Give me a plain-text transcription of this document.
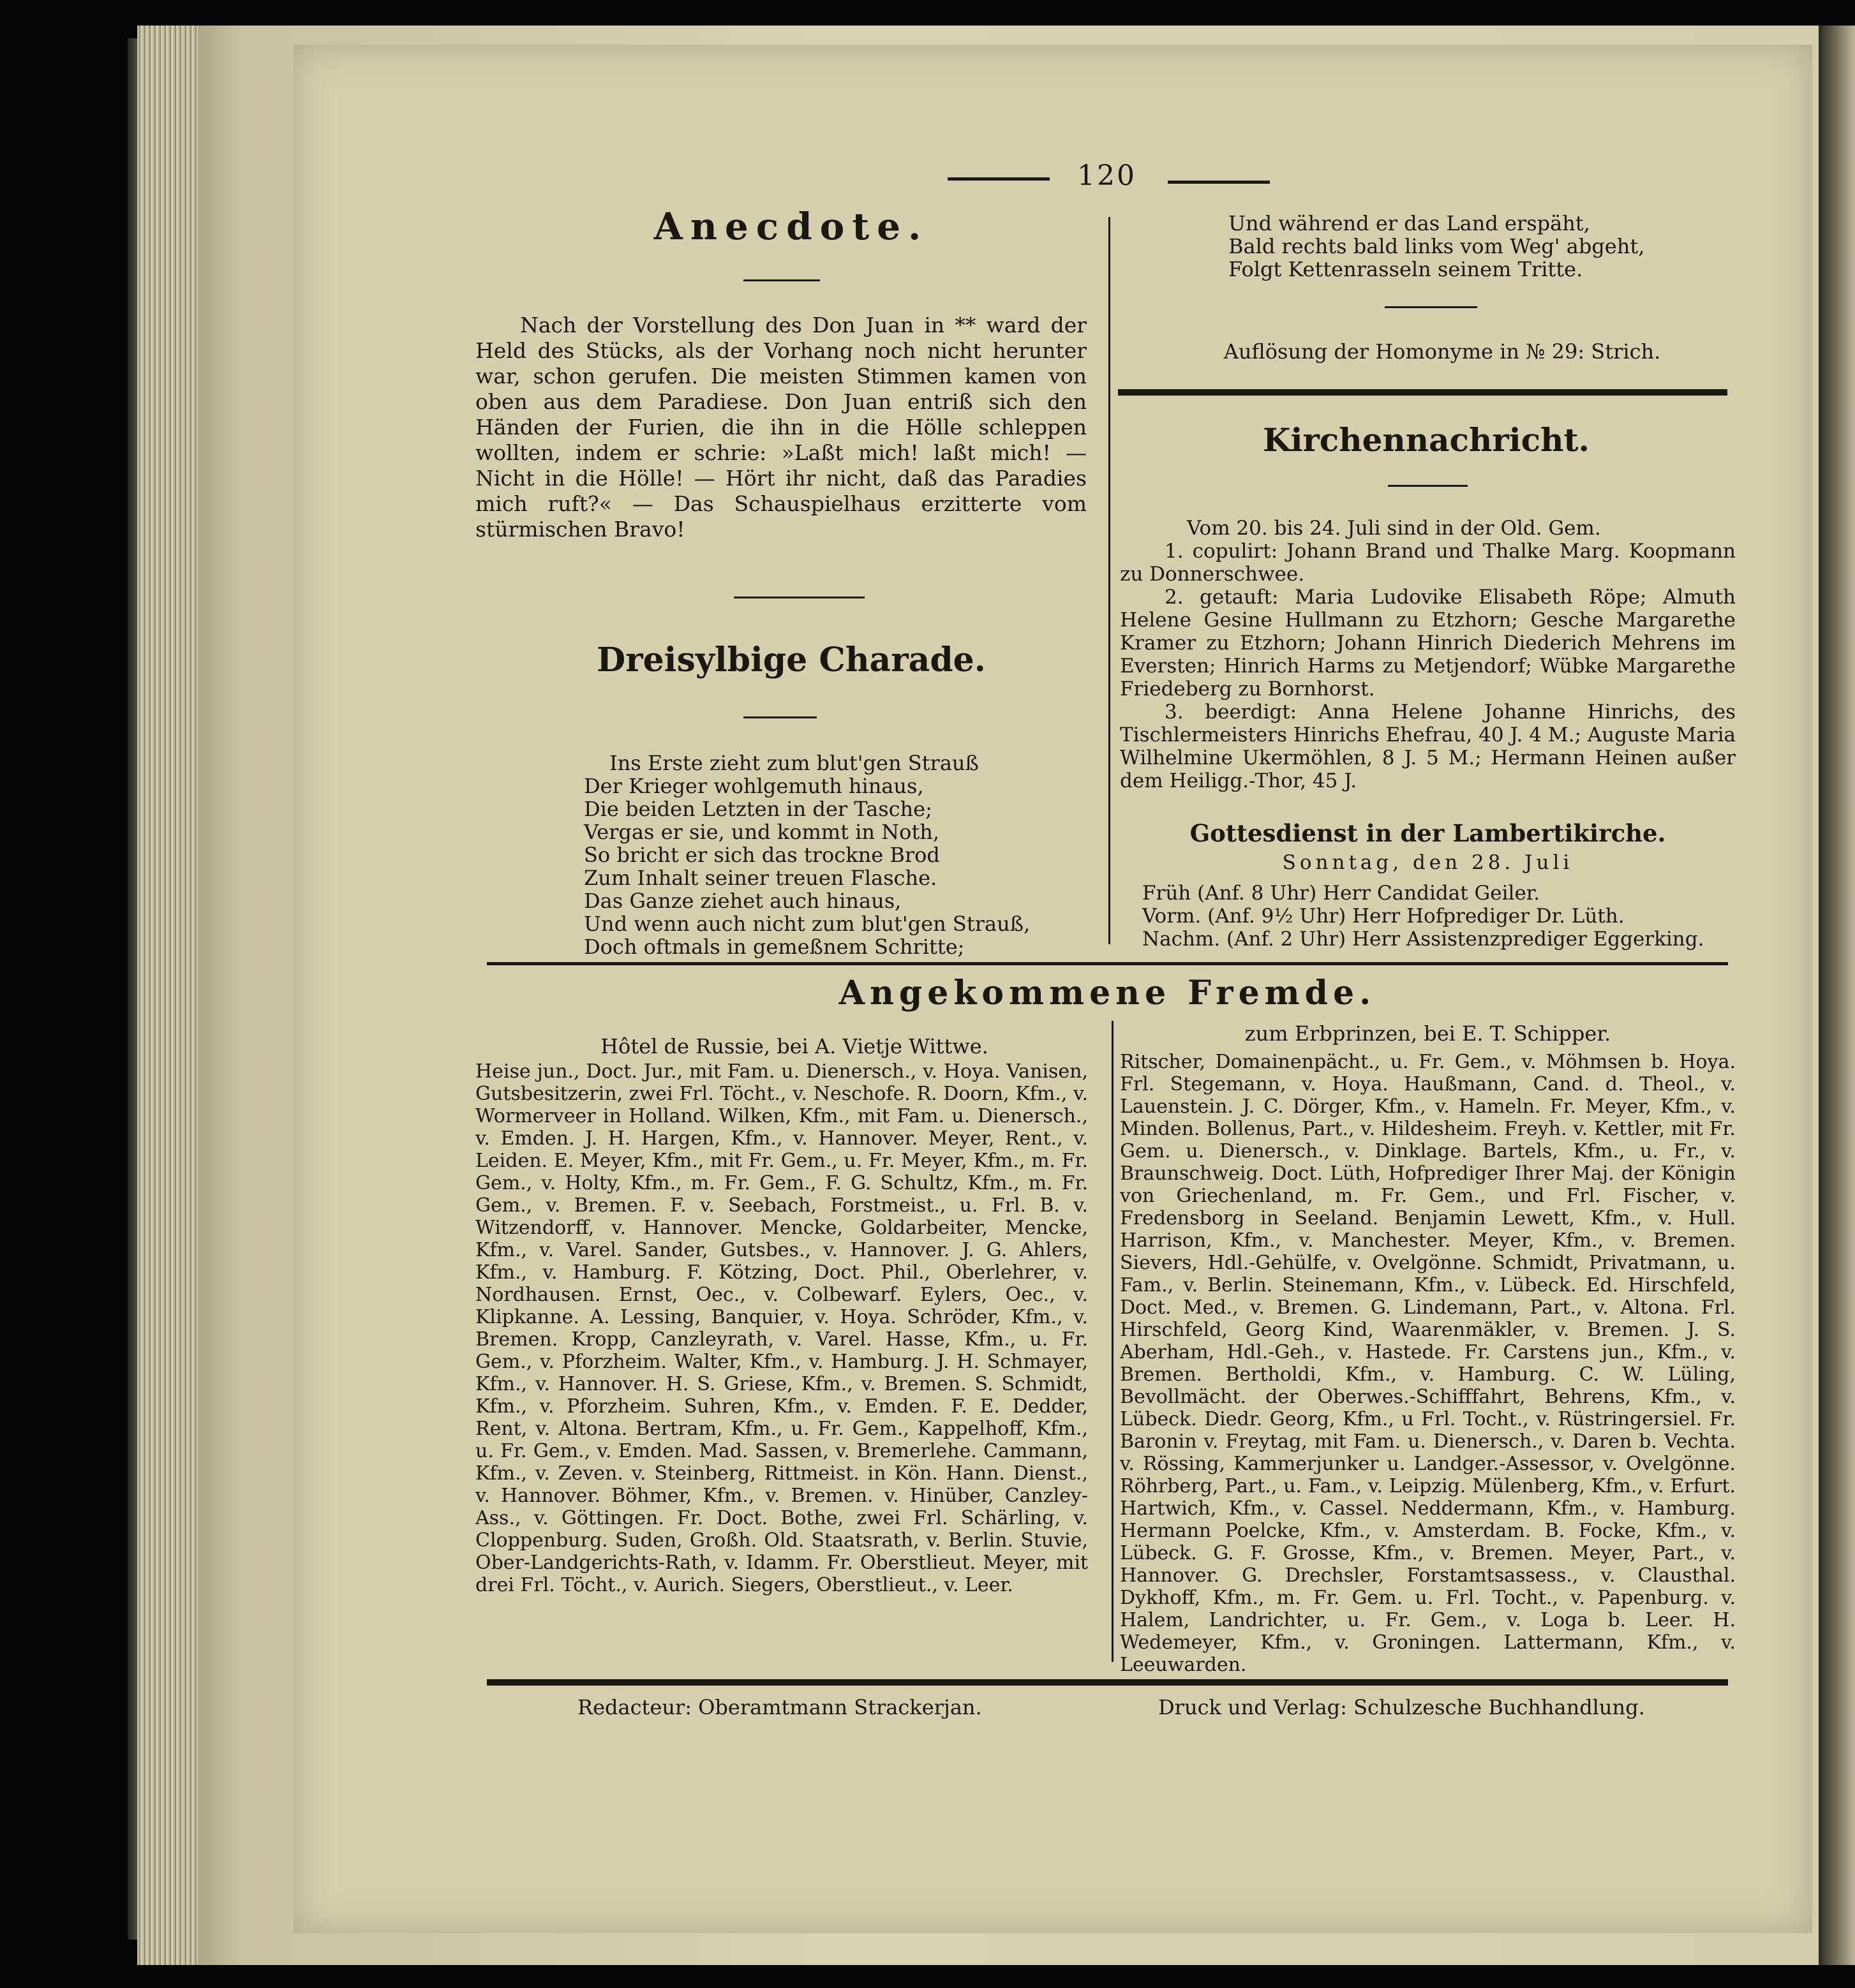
120
Anecdote.

Nach der Vorstellung des Don Juan in ** ward der Held des Stücks, als der Vorhang noch nicht herunter war, schon gerufen. Die meisten Stimmen kamen von oben aus dem Paradiese. Don Juan entriß sich den Händen der Furien, die ihn in die Hölle schleppen wollten, indem er schrie: »Laßt mich! laßt mich! — Nicht in die Hölle! — Hört ihr nicht, daß das Paradies mich ruft?« — Das Schauspielhaus erzitterte vom stürmischen Bravo!

Dreisylbige Charade.
Ins Erste zieht zum blut'gen Strauß
Der Krieger wohlgemuth hinaus,
Die beiden Letzten in der Tasche;
Vergas er sie, und kommt in Noth,
So bricht er sich das trockne Brod
Zum Inhalt seiner treuen Flasche.
Das Ganze ziehet auch hinaus,
Und wenn auch nicht zum blut'gen Strauß,
Doch oftmals in gemeßnem Schritte;
Und während er das Land erspäht,
Bald rechts bald links vom Weg' abgeht,
Folgt Kettenrasseln seinem Tritte.
Auflösung der Homonyme in № 29: Strich.
Kirchennachricht.

Vom 20. bis 24. Juli sind in der Old. Gem.

1. copulirt: Johann Brand und Thalke Marg. Koopmann zu Donnerschwee.

2. getauft: Maria Ludovike Elisabeth Röpe; Almuth Helene Gesine Hullmann zu Etzhorn; Gesche Margarethe Kramer zu Etzhorn; Johann Hinrich Diederich Mehrens im Eversten; Hinrich Harms zu Metjendorf; Wübke Margarethe Friedeberg zu Bornhorst.

3. beerdigt: Anna Helene Johanne Hinrichs, des Tischlermeisters Hinrichs Ehefrau, 40 J. 4 M.; Auguste Maria Wilhelmine Ukermöhlen, 8 J. 5 M.; Hermann Heinen außer dem Heiligg.-Thor, 45 J.

Gottesdienst in der Lambertikirche.
Sonntag, den 28. Juli
Früh (Anf. 8 Uhr) Herr Candidat Geiler.
Vorm. (Anf. 9½ Uhr) Herr Hofprediger Dr. Lüth.
Nachm. (Anf. 2 Uhr) Herr Assistenzprediger Eggerking.
Angekommene Fremde.
Hôtel de Russie, bei A. Vietje Wittwe.

Heise jun., Doct. Jur., mit Fam. u. Dienersch., v. Hoya. Vanisen, Gutsbesitzerin, zwei Frl. Töcht., v. Neschofe. R. Doorn, Kfm., v. Wormerveer in Holland. Wilken, Kfm., mit Fam. u. Dienersch., v. Emden. J. H. Hargen, Kfm., v. Hannover. Meyer, Rent., v. Leiden. E. Meyer, Kfm., mit Fr. Gem., u. Fr. Meyer, Kfm., m. Fr. Gem., v. Holty, Kfm., m. Fr. Gem., F. G. Schultz, Kfm., m. Fr. Gem., v. Bremen. F. v. Seebach, Forstmeist., u. Frl. B. v. Witzendorff, v. Hannover. Mencke, Goldarbeiter, Mencke, Kfm., v. Varel. Sander, Gutsbes., v. Hannover. J. G. Ahlers, Kfm., v. Hamburg. F. Kötzing, Doct. Phil., Oberlehrer, v. Nordhausen. Ernst, Oec., v. Colbewarf. Eylers, Oec., v. Klipkanne. A. Lessing, Banquier, v. Hoya. Schröder, Kfm., v. Bremen. Kropp, Canzleyrath, v. Varel. Hasse, Kfm., u. Fr. Gem., v. Pforzheim. Walter, Kfm., v. Hamburg. J. H. Schmayer, Kfm., v. Hannover. H. S. Griese, Kfm., v. Bremen. S. Schmidt, Kfm., v. Pforzheim. Suhren, Kfm., v. Emden. F. E. Dedder, Rent, v. Altona. Bertram, Kfm., u. Fr. Gem., Kappelhoff, Kfm., u. Fr. Gem., v. Emden. Mad. Sassen, v. Bremerlehe. Cammann, Kfm., v. Zeven. v. Steinberg, Rittmeist. in Kön. Hann. Dienst., v. Hannover. Böhmer, Kfm., v. Bremen. v. Hinüber, Canzley-Ass., v. Göttingen. Fr. Doct. Bothe, zwei Frl. Schärling, v. Cloppenburg. Suden, Großh. Old. Staatsrath, v. Berlin. Stuvie, Ober-Landgerichts-Rath, v. Idamm. Fr. Oberstlieut. Meyer, mit drei Frl. Töcht., v. Aurich. Siegers, Oberstlieut., v. Leer.

zum Erbprinzen, bei E. T. Schipper.

Ritscher, Domainenpächt., u. Fr. Gem., v. Möhmsen b. Hoya. Frl. Stegemann, v. Hoya. Haußmann, Cand. d. Theol., v. Lauenstein. J. C. Dörger, Kfm., v. Hameln. Fr. Meyer, Kfm., v. Minden. Bollenus, Part., v. Hildesheim. Freyh. v. Kettler, mit Fr. Gem. u. Dienersch., v. Dinklage. Bartels, Kfm., u. Fr., v. Braunschweig. Doct. Lüth, Hofprediger Ihrer Maj. der Königin von Griechenland, m. Fr. Gem., und Frl. Fischer, v. Fredensborg in Seeland. Benjamin Lewett, Kfm., v. Hull. Harrison, Kfm., v. Manchester. Meyer, Kfm., v. Bremen. Sievers, Hdl.-Gehülfe, v. Ovelgönne. Schmidt, Privatmann, u. Fam., v. Berlin. Steinemann, Kfm., v. Lübeck. Ed. Hirschfeld, Doct. Med., v. Bremen. G. Lindemann, Part., v. Altona. Frl. Hirschfeld, Georg Kind, Waarenmäkler, v. Bremen. J. S. Aberham, Hdl.-Geh., v. Hastede. Fr. Carstens jun., Kfm., v. Bremen. Bertholdi, Kfm., v. Hamburg. C. W. Lüling, Bevollmächt. der Oberwes.-Schifffahrt, Behrens, Kfm., v. Lübeck. Diedr. Georg, Kfm., u Frl. Tocht., v. Rüstringersiel. Fr. Baronin v. Freytag, mit Fam. u. Dienersch., v. Daren b. Vechta. v. Rössing, Kammerjunker u. Landger.-Assessor, v. Ovelgönne. Röhrberg, Part., u. Fam., v. Leipzig. Mülenberg, Kfm., v. Erfurt. Hartwich, Kfm., v. Cassel. Neddermann, Kfm., v. Hamburg. Hermann Poelcke, Kfm., v. Amsterdam. B. Focke, Kfm., v. Lübeck. G. F. Grosse, Kfm., v. Bremen. Meyer, Part., v. Hannover. G. Drechsler, Forstamtsassess., v. Clausthal. Dykhoff, Kfm., m. Fr. Gem. u. Frl. Tocht., v. Papenburg. v. Halem, Landrichter, u. Fr. Gem., v. Loga b. Leer. H. Wedemeyer, Kfm., v. Groningen. Lattermann, Kfm., v. Leeuwarden.

Redacteur: Oberamtmann Strackerjan.	Druck und Verlag: Schulzesche Buchhandlung.
